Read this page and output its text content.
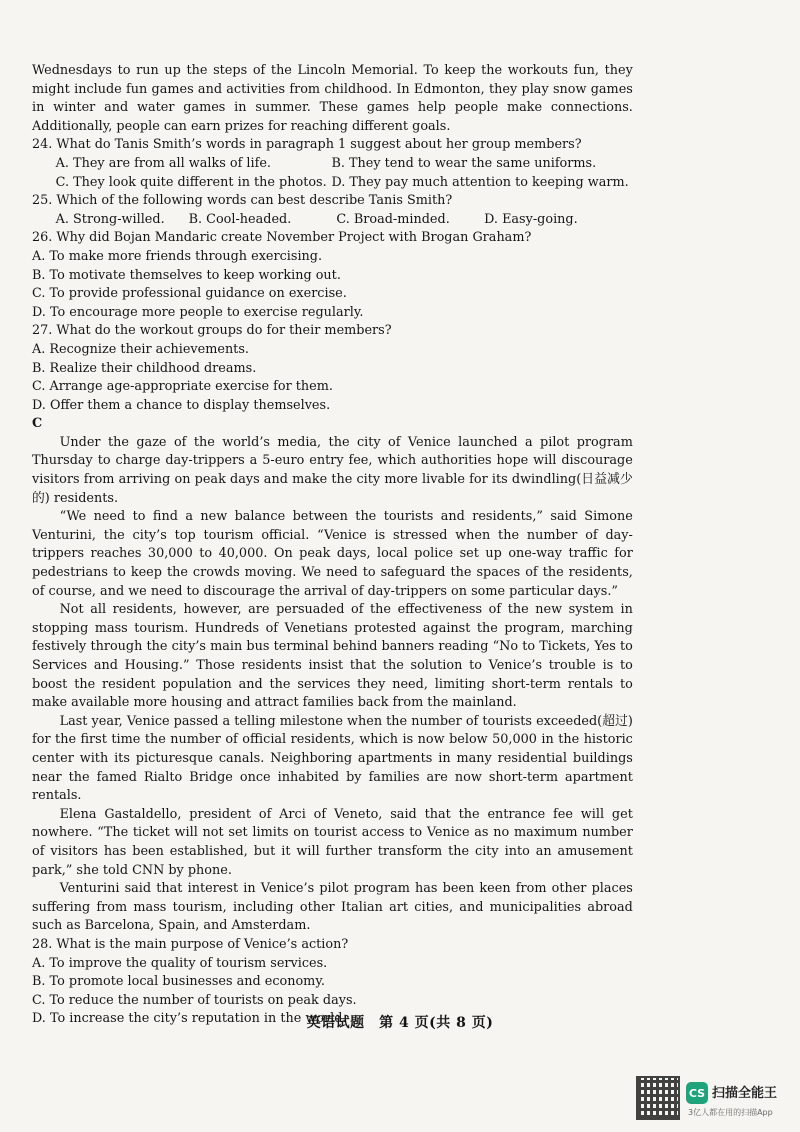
Wednesdays to run up the steps of the Lincoln Memorial. To keep the workouts fun, they might include fun games and activities from childhood. In Edmonton, they play snow games in winter and water games in summer. These games help people make connections. Additionally, people can earn prizes for reaching different goals.

24. What do Tanis Smith’s words in paragraph 1 suggest about her group members?

A. They are from all walks of life.	B. They tend to wear the same uniforms.
C. They look quite different in the photos. D. They pay much attention to keeping warm.

25. Which of the following words can best describe Tanis Smith?

A. Strong-willed.	B. Cool-headed.	C. Broad-minded.	D. Easy-going.

26. Why did Bojan Mandaric create November Project with Brogan Graham?

A. To make more friends through exercising.

B. To motivate themselves to keep working out.

C. To provide professional guidance on exercise.

D. To encourage more people to exercise regularly.

27. What do the workout groups do for their members?

A. Recognize their achievements.

B. Realize their childhood dreams.

C. Arrange age-appropriate exercise for them.

D. Offer them a chance to display themselves.

C

Under the gaze of the world’s media, the city of Venice launched a pilot program Thursday to charge day-trippers a 5-euro entry fee, which authorities hope will discourage visitors from arriving on peak days and make the city more livable for its dwindling(日益减少的) residents.

“We need to find a new balance between the tourists and residents,” said Simone Venturini, the city’s top tourism official. “Venice is stressed when the number of day-trippers reaches 30,000 to 40,000. On peak days, local police set up one-way traffic for pedestrians to keep the crowds moving. We need to safeguard the spaces of the residents, of course, and we need to discourage the arrival of day-trippers on some particular days.”

Not all residents, however, are persuaded of the effectiveness of the new system in stopping mass tourism. Hundreds of Venetians protested against the program, marching festively through the city’s main bus terminal behind banners reading “No to Tickets, Yes to Services and Housing.” Those residents insist that the solution to Venice’s trouble is to boost the resident population and the services they need, limiting short-term rentals to make available more housing and attract families back from the mainland.

Last year, Venice passed a telling milestone when the number of tourists exceeded(超过) for the first time the number of official residents, which is now below 50,000 in the historic center with its picturesque canals. Neighboring apartments in many residential buildings near the famed Rialto Bridge once inhabited by families are now short-term apartment rentals.

Elena Gastaldello, president of Arci of Veneto, said that the entrance fee will get nowhere. “The ticket will not set limits on tourist access to Venice as no maximum number of visitors has been established, but it will further transform the city into an amusement park,” she told CNN by phone.

Venturini said that interest in Venice’s pilot program has been keen from other places suffering from mass tourism, including other Italian art cities, and municipalities abroad such as Barcelona, Spain, and Amsterdam.

28. What is the main purpose of Venice’s action?

A. To improve the quality of tourism services.

B. To promote local businesses and economy.

C. To reduce the number of tourists on peak days.

D. To increase the city’s reputation in the world.

英语试题　第 4 页(共 8 页)
CS 扫描全能王
3亿人都在用的扫描App
